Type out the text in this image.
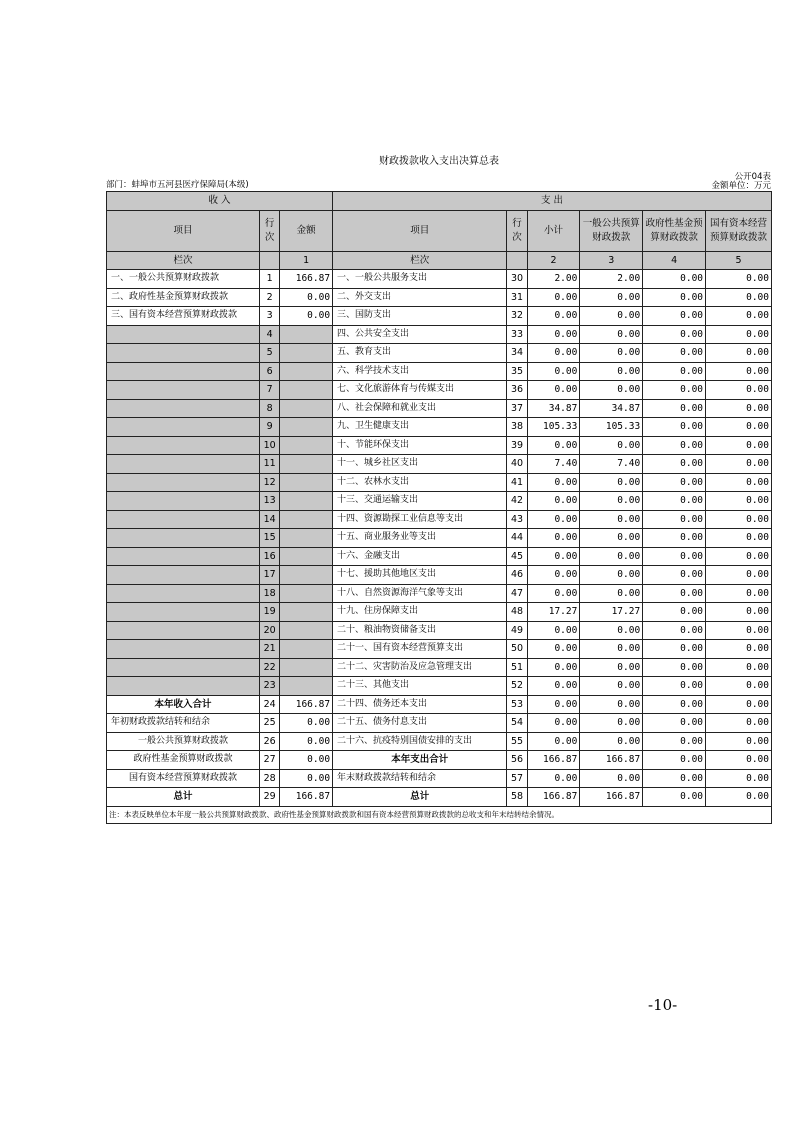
财政拨款收入支出决算总表
部门：蚌埠市五河县医疗保障局(本级)
公开04表
金额单位：万元
收 入			支 出					
项目	行次	金额	项目	行次	小计	一般公共预算财政拨款	政府性基金预算财政拨款	国有资本经营预算财政拨款
栏次		1	栏次		2	3	4	5
一、一般公共预算财政拨款	1	166.87	一、一般公共服务支出	30	2.00	2.00	0.00	0.00
二、政府性基金预算财政拨款	2	0.00	二、外交支出	31	0.00	0.00	0.00	0.00
三、国有资本经营预算财政拨款	3	0.00	三、国防支出	32	0.00	0.00	0.00	0.00
	4		四、公共安全支出	33	0.00	0.00	0.00	0.00
	5		五、教育支出	34	0.00	0.00	0.00	0.00
	6		六、科学技术支出	35	0.00	0.00	0.00	0.00
	7		七、文化旅游体育与传媒支出	36	0.00	0.00	0.00	0.00
	8		八、社会保障和就业支出	37	34.87	34.87	0.00	0.00
	9		九、卫生健康支出	38	105.33	105.33	0.00	0.00
	10		十、节能环保支出	39	0.00	0.00	0.00	0.00
	11		十一、城乡社区支出	40	7.40	7.40	0.00	0.00
	12		十二、农林水支出	41	0.00	0.00	0.00	0.00
	13		十三、交通运输支出	42	0.00	0.00	0.00	0.00
	14		十四、资源勘探工业信息等支出	43	0.00	0.00	0.00	0.00
	15		十五、商业服务业等支出	44	0.00	0.00	0.00	0.00
	16		十六、金融支出	45	0.00	0.00	0.00	0.00
	17		十七、援助其他地区支出	46	0.00	0.00	0.00	0.00
	18		十八、自然资源海洋气象等支出	47	0.00	0.00	0.00	0.00
	19		十九、住房保障支出	48	17.27	17.27	0.00	0.00
	20		二十、粮油物资储备支出	49	0.00	0.00	0.00	0.00
	21		二十一、国有资本经营预算支出	50	0.00	0.00	0.00	0.00
	22		二十二、灾害防治及应急管理支出	51	0.00	0.00	0.00	0.00
	23		二十三、其他支出	52	0.00	0.00	0.00	0.00
本年收入合计	24	166.87	二十四、债务还本支出	53	0.00	0.00	0.00	0.00
年初财政拨款结转和结余	25	0.00	二十五、债务付息支出	54	0.00	0.00	0.00	0.00
一般公共预算财政拨款	26	0.00	二十六、抗疫特别国债安排的支出	55	0.00	0.00	0.00	0.00
政府性基金预算财政拨款	27	0.00	本年支出合计	56	166.87	166.87	0.00	0.00
国有资本经营预算财政拨款	28	0.00	年末财政拨款结转和结余	57	0.00	0.00	0.00	0.00
总计	29	166.87	总计	58	166.87	166.87	0.00	0.00
注：本表反映单位本年度一般公共预算财政拨款、政府性基金预算财政拨款和国有资本经营预算财政拨款的总收支和年末结转结余情况。								
-10-
